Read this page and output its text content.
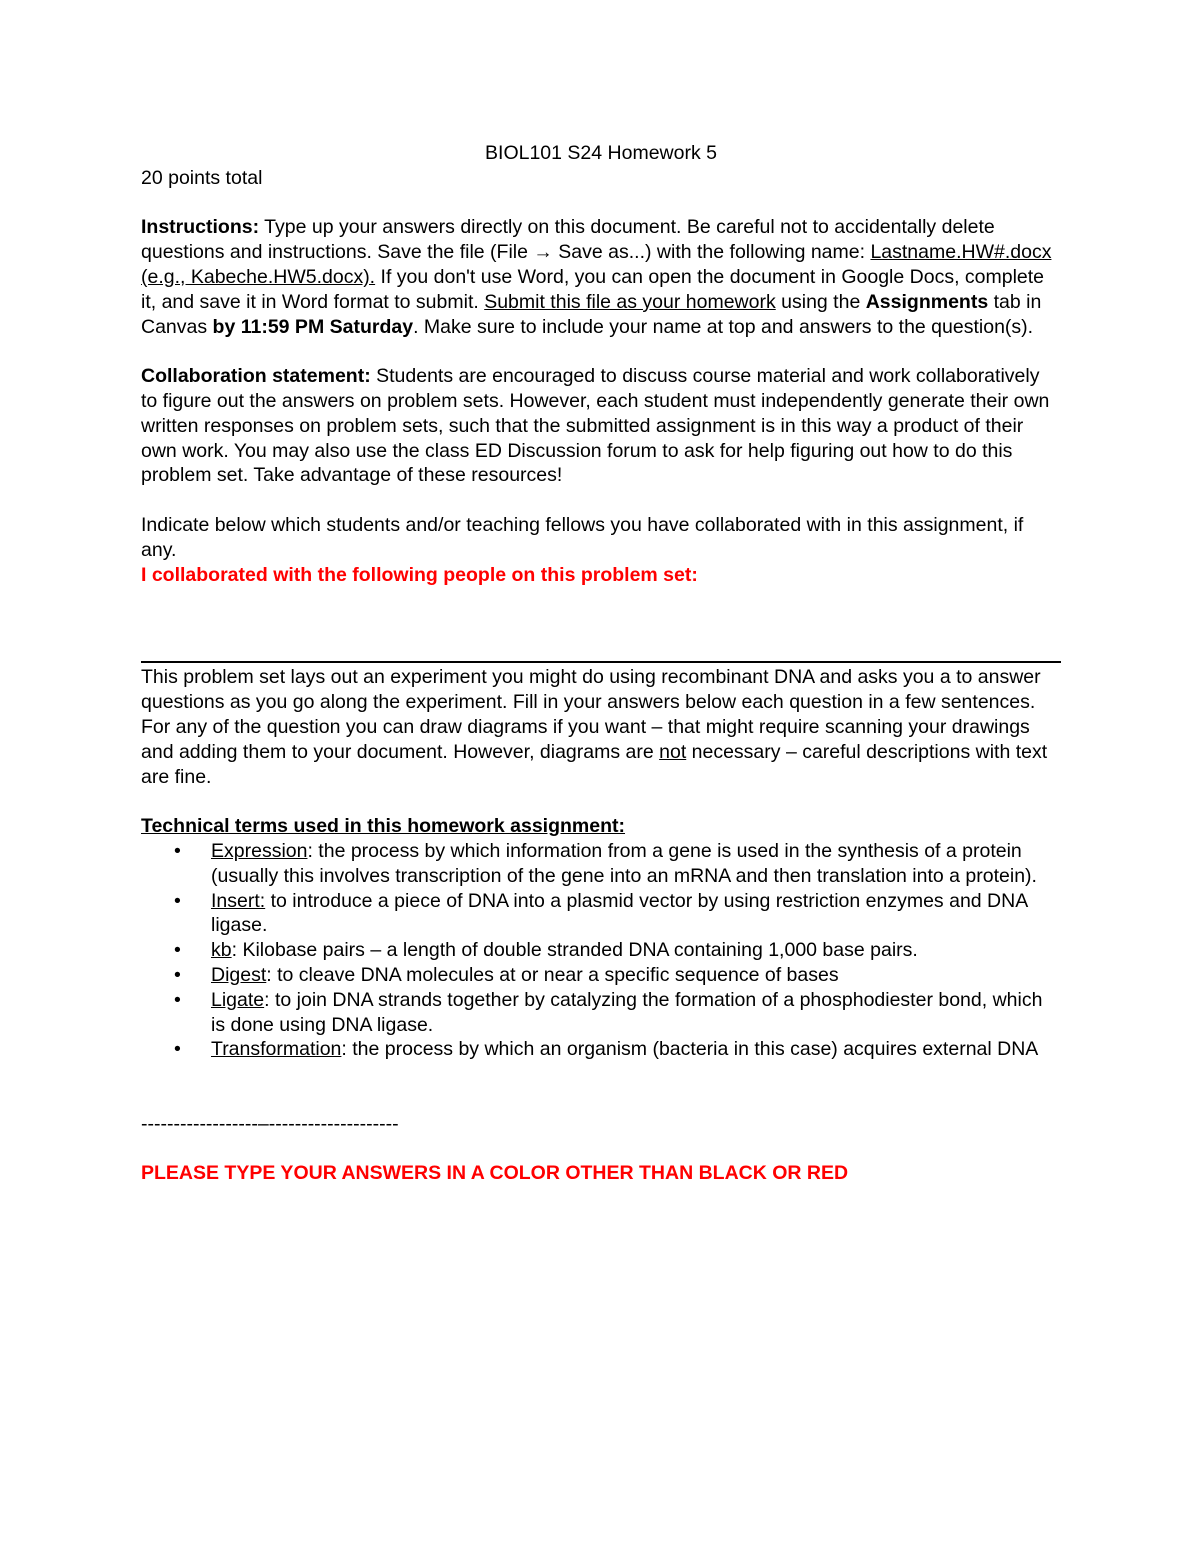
BIOL101 S24 Homework 5

20 points total

Instructions: Type up your answers directly on this document. Be careful not to accidentally delete questions and instructions. Save the file (File → Save as...) with the following name: Lastname.HW#.docx (e.g., Kabeche.HW5.docx). If you don't use Word, you can open the document in Google Docs, complete it, and save it in Word format to submit. Submit this file as your homework using the Assignments tab in Canvas by 11:59 PM Saturday. Make sure to include your name at top and answers to the question(s).

Collaboration statement: Students are encouraged to discuss course material and work collaboratively to figure out the answers on problem sets. However, each student must independently generate their own written responses on problem sets, such that the submitted assignment is in this way a product of their own work. You may also use the class ED Discussion forum to ask for help figuring out how to do this problem set. Take advantage of these resources!

Indicate below which students and/or teaching fellows you have collaborated with in this assignment, if any.

I collaborated with the following people on this problem set:

This problem set lays out an experiment you might do using recombinant DNA and asks you a to answer questions as you go along the experiment. Fill in your answers below each question in a few sentences. For any of the question you can draw diagrams if you want – that might require scanning your drawings and adding them to your document. However, diagrams are not necessary – careful descriptions with text are fine.

Technical terms used in this homework assignment:

• Expression: the process by which information from a gene is used in the synthesis of a protein (usually this involves transcription of the gene into an mRNA and then translation into a protein).
• Insert: to introduce a piece of DNA into a plasmid vector by using restriction enzymes and DNA ligase.
• kb: Kilobase pairs – a length of double stranded DNA containing 1,000 base pairs.
• Digest: to cleave DNA molecules at or near a specific sequence of bases
• Ligate: to join DNA strands together by catalyzing the formation of a phosphodiester bond, which is done using DNA ligase.
• Transformation: the process by which an organism (bacteria in this case) acquires external DNA

------------------–--------------------

PLEASE TYPE YOUR ANSWERS IN A COLOR OTHER THAN BLACK OR RED
